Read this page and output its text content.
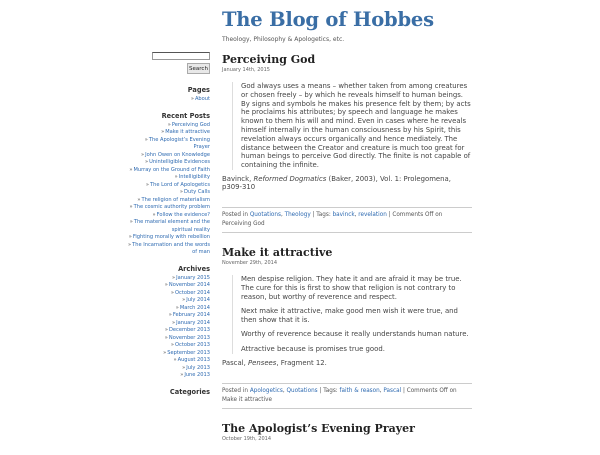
The Blog of Hobbes
Theology, Philosophy & Apologetics, etc.
Search
Pages
»About
Recent Posts
»Perceiving God
»Make it attractive
»The Apologist’s Evening
Prayer
»John Owen on Knowledge
»Unintelligible Evidences
»Murray on the Ground of Faith
»Intelligibility
»The Lord of Apologetics
»Duty Calls
»The religion of materialism
»The cosmic authority problem
»Follow the evidence?
»The material element and the
spiritual reality
»Fighting morally with rebellion
»The Incarnation and the words
of man
Archives
»January 2015
»November 2014
»October 2014
»July 2014
»March 2014
»February 2014
»January 2014
»December 2013
»November 2013
»October 2013
»September 2013
»August 2013
»July 2013
»June 2013
Categories
Perceiving God
January 14th, 2015

God always uses a means – whether taken from among creatures or chosen freely – by which he reveals himself to human beings. By signs and symbols he makes his presence felt by them; by acts he proclaims his attributes; by speech and language he makes known to them his will and mind. Even in cases where he reveals himself internally in the human consciousness by his Spirit, this revelation always occurs organically and hence mediately. The distance between the Creator and creature is much too great for human beings to perceive God directly. The finite is not capable of containing the infinite.

Bavinck, Reformed Dogmatics (Baker, 2003), Vol. 1: Prolegomena, p309-310

Posted in Quotations, Theology | Tags: bavinck, revelation | Comments Off on Perceiving God
Make it attractive
November 29th, 2014

Men despise religion. They hate it and are afraid it may be true. The cure for this is first to show that religion is not contrary to reason, but worthy of reverence and respect.

Next make it attractive, make good men wish it were true, and then show that it is.

Worthy of reverence because it really understands human nature.

Attractive because is promises true good.

Pascal, Pensees, Fragment 12.

Posted in Apologetics, Quotations | Tags: faith & reason, Pascal | Comments Off on Make it attractive
The Apologist’s Evening Prayer
October 19th, 2014
